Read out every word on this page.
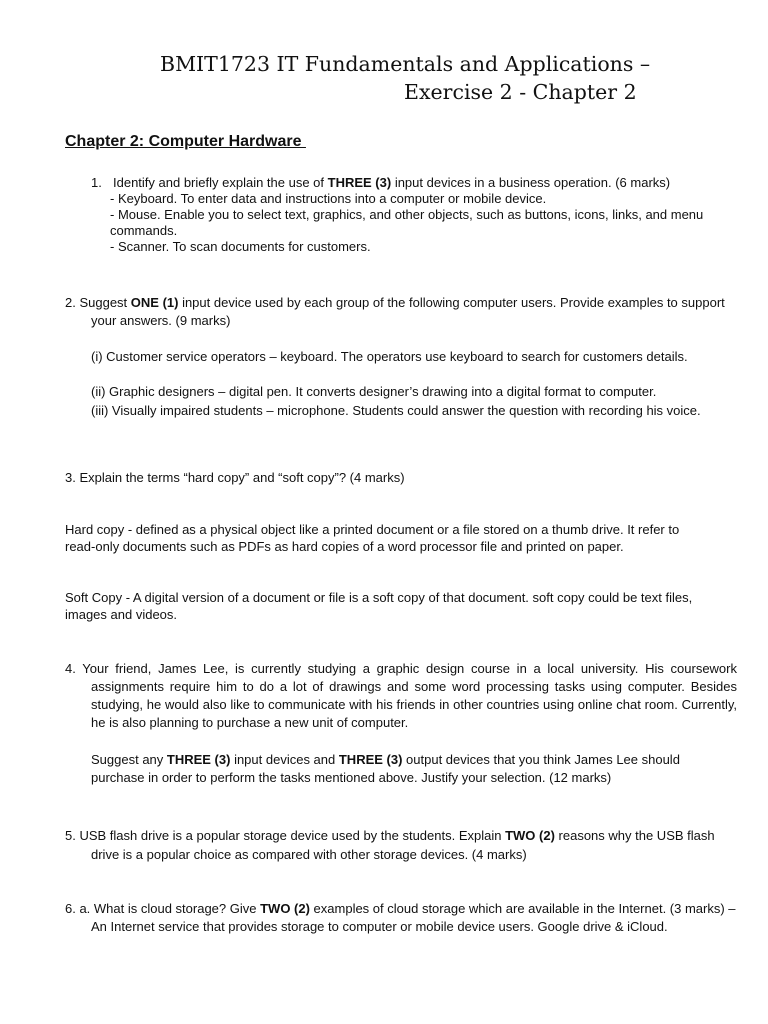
BMIT1723 IT Fundamentals and Applications –
Exercise 2 - Chapter 2
Chapter 2: Computer Hardware
1. Identify and briefly explain the use of THREE (3) input devices in a business operation. (6 marks)
- Keyboard. To enter data and instructions into a computer or mobile device.
- Mouse. Enable you to select text, graphics, and other objects, such as buttons, icons, links, and menu commands.
- Scanner. To scan documents for customers.
2. Suggest ONE (1) input device used by each group of the following computer users. Provide examples to support your answers. (9 marks)
(i) Customer service operators – keyboard. The operators use keyboard to search for customers details.
(ii) Graphic designers – digital pen. It converts designer’s drawing into a digital format to computer.
(iii) Visually impaired students – microphone. Students could answer the question with recording his voice.
3. Explain the terms “hard copy” and “soft copy”? (4 marks)
Hard copy - defined as a physical object like a printed document or a file stored on a thumb drive. It refer to read-only documents such as PDFs as hard copies of a word processor file and printed on paper.
Soft Copy - A digital version of a document or file is a soft copy of that document. soft copy could be text files, images and videos.
4. Your friend, James Lee, is currently studying a graphic design course in a local university. His coursework assignments require him to do a lot of drawings and some word processing tasks using computer. Besides studying, he would also like to communicate with his friends in other countries using online chat room. Currently, he is also planning to purchase a new unit of computer.
Suggest any THREE (3) input devices and THREE (3) output devices that you think James Lee should purchase in order to perform the tasks mentioned above. Justify your selection. (12 marks)
5. USB flash drive is a popular storage device used by the students. Explain TWO (2) reasons why the USB flash drive is a popular choice as compared with other storage devices. (4 marks)
6. a. What is cloud storage? Give TWO (2) examples of cloud storage which are available in the Internet. (3 marks) – An Internet service that provides storage to computer or mobile device users. Google drive & iCloud.
